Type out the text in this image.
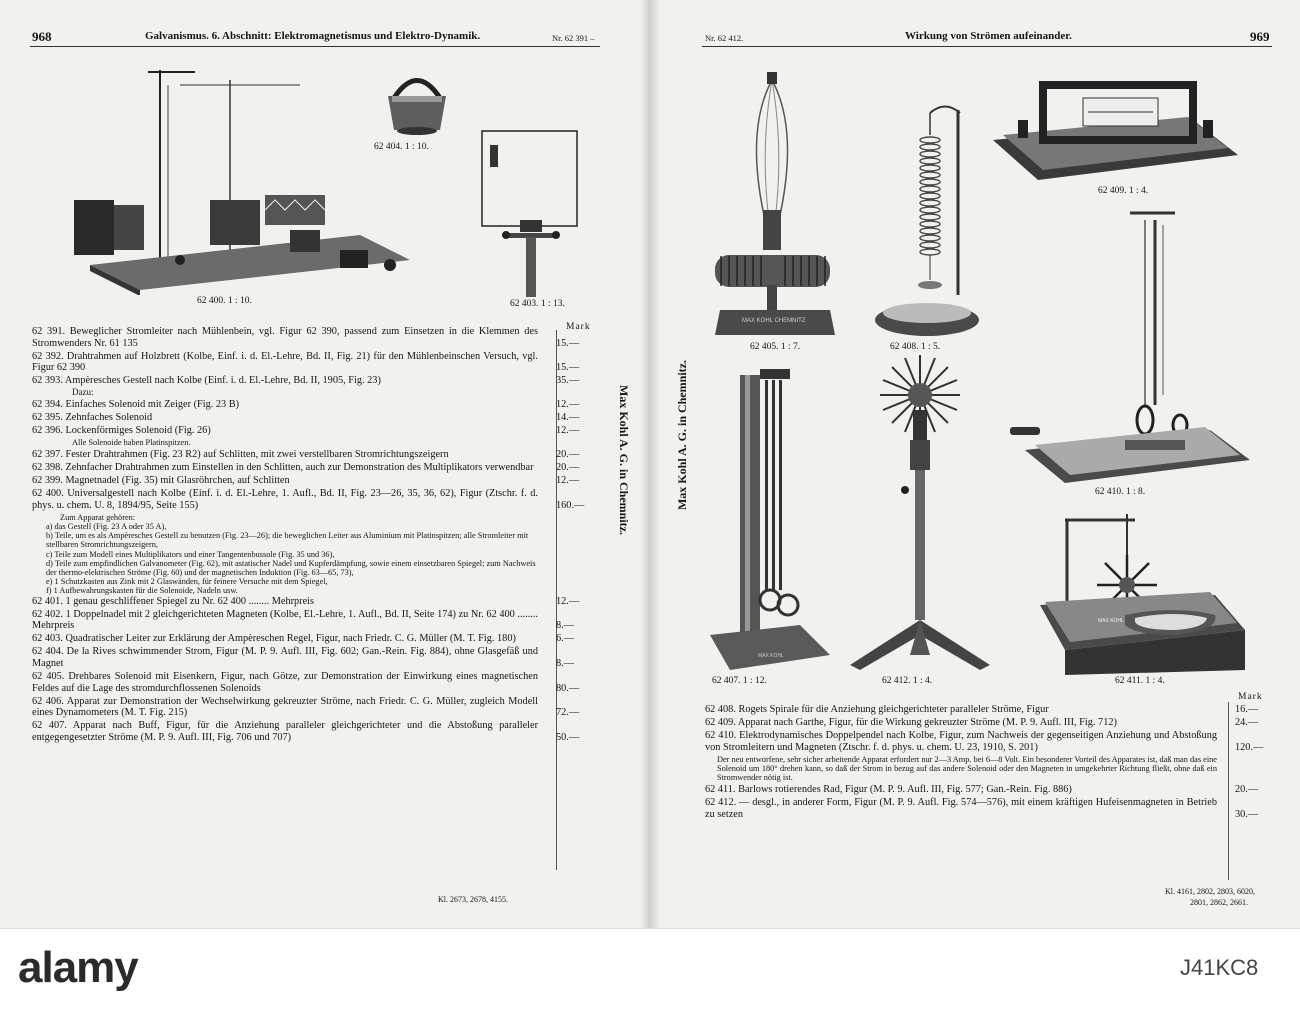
968	Galvanismus. 6. Abschnitt: Elektromagnetismus und Elektro-Dynamik.	Nr. 62 391 –
62 400. 1 : 10.
62 404. 1 : 10.
62 403. 1 : 13.
Mark
Max Kohl A. G. in Chemnitz.
62 391. Beweglicher Stromleiter nach Mühlenbein, vgl. Figur 62 390, passend zum Einsetzen in die Klemmen des Stromwenders Nr. 61 135	15.—
62 392. Drahtrahmen auf Holzbrett (Kolbe, Einf. i. d. El.-Lehre, Bd. II, Fig. 21) für den Mühlenbeinschen Versuch, vgl. Figur 62 390	15.—
62 393. Ampèresches Gestell nach Kolbe (Einf. i. d. El.-Lehre, Bd. II, 1905, Fig. 23)	35.—
Dazu:
62 394. Einfaches Solenoid mit Zeiger (Fig. 23 B)	12.—
62 395. Zehnfaches Solenoid	14.—
62 396. Lockenförmiges Solenoid (Fig. 26)	12.—
Alle Solenoide haben Platinspitzen.
62 397. Fester Drahtrahmen (Fig. 23 R2) auf Schlitten, mit zwei verstellbaren Stromrichtungszeigern	20.—
62 398. Zehnfacher Drahtrahmen zum Einstellen in den Schlitten, auch zur Demonstration des Multiplikators verwendbar	20.—
62 399. Magnetnadel (Fig. 35) mit Glasröhrchen, auf Schlitten	12.—
62 400. Universalgestell nach Kolbe (Einf. i. d. El.-Lehre, 1. Aufl., Bd. II, Fig. 23—26, 35, 36, 62), Figur (Ztschr. f. d. phys. u. chem. U. 8, 1894/95, Seite 155)	160.—
Zum Apparat gehören:
a) das Gestell (Fig. 23 A oder 35 A),
b) Teile, um es als Ampèresches Gestell zu benutzen (Fig. 23—26); die beweglichen Leiter aus Aluminium mit Platinspitzen; alle Stromleiter mit stellbaren Stromrichtungszeigern,
c) Teile zum Modell eines Multiplikators und einer Tangentenbussole (Fig. 35 und 36),
d) Teile zum empfindlichen Galvanometer (Fig. 62), mit astatischer Nadel und Kupferdämpfung, sowie einem einsetzbaren Spiegel; zum Nachweis der thermo-elektrischen Ströme (Fig. 60) und der magnetischen Induktion (Fig. 63—65, 73),
e) 1 Schutzkasten aus Zink mit 2 Glaswänden, für feinere Versuche mit dem Spiegel,
f) 1 Aufbewahrungskasten für die Solenoide, Nadeln usw.
62 401. 1 genau geschliffener Spiegel zu Nr. 62 400 ........ Mehrpreis	12.—
62 402. 1 Doppelnadel mit 2 gleichgerichteten Magneten (Kolbe, El.-Lehre, 1. Aufl., Bd. II, Seite 174) zu Nr. 62 400 ........ Mehrpreis	8.—
62 403. Quadratischer Leiter zur Erklärung der Ampèreschen Regel, Figur, nach Friedr. C. G. Müller (M. T. Fig. 180)	6.—
62 404. De la Rives schwimmender Strom, Figur (M. P. 9. Aufl. III, Fig. 602; Gan.-Rein. Fig. 884), ohne Glasgefäß und Magnet	8.—
62 405. Drehbares Solenoid mit Eisenkern, Figur, nach Götze, zur Demonstration der Einwirkung eines magnetischen Feldes auf die Lage des stromdurchflossenen Solenoids	80.—
62 406. Apparat zur Demonstration der Wechselwirkung gekreuzter Ströme, nach Friedr. C. G. Müller, zugleich Modell eines Dynamometers (M. T. Fig. 215)	72.—
62 407. Apparat nach Buff, Figur, für die Anziehung paralleler gleichgerichteter und die Abstoßung paralleler entgegengesetzter Ströme (M. P. 9. Aufl. III, Fig. 706 und 707)	50.—
Kl. 2673, 2678, 4155.
Nr. 62 412.	Wirkung von Strömen aufeinander.	969
Max Kohl A. G. in Chemnitz.
MAX KOHL CHEMNITZ
62 405. 1 : 7.	62 408. 1 : 5.
62 409. 1 : 4.
62 410. 1 : 8.
MAX KOHL
62 407. 1 : 12.	62 412. 1 : 4.
MAX KOHL
62 411. 1 : 4.
Mark
62 408. Rogets Spirale für die Anziehung gleichgerichteter paralleler Ströme, Figur	16.—
62 409. Apparat nach Garthe, Figur, für die Wirkung gekreuzter Ströme (M. P. 9. Aufl. III, Fig. 712)	24.—
62 410. Elektrodynamisches Doppelpendel nach Kolbe, Figur, zum Nachweis der gegenseitigen Anziehung und Abstoßung von Stromleitern und Magneten (Ztschr. f. d. phys. u. chem. U. 23, 1910, S. 201)	120.—
Der neu entworfene, sehr sicher arbeitende Apparat erfordert nur 2—3 Amp. bei 6—8 Volt. Ein besonderer Vorteil des Apparates ist, daß man das eine Solenoid um 180° drehen kann, so daß der Strom in bezug auf das andere Solenoid oder den Magneten in umgekehrter Richtung fließt, ohne daß ein Stromwender nötig ist.
62 411. Barlows rotierendes Rad, Figur (M. P. 9. Aufl. III, Fig. 577; Gan.-Rein. Fig. 886)	20.—
62 412. — desgl., in anderer Form, Figur (M. P. 9. Aufl. Fig. 574—576), mit einem kräftigen Hufeisenmagneten in Betrieb zu setzen	30.—
Kl. 4161, 2802, 2803, 6020,
2801, 2862, 2661.
alamy	J41KC8
